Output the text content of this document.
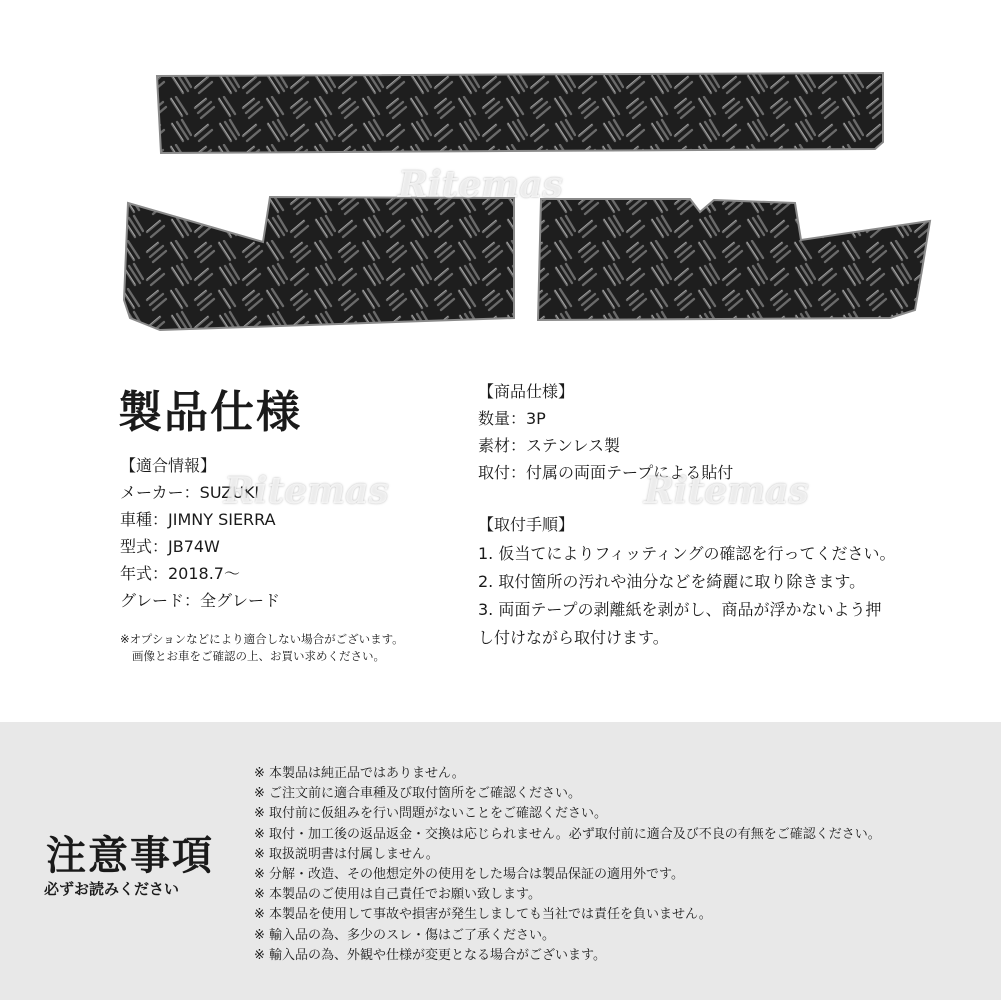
Ritemas
製品仕様
【適合情報】
メーカー：SUZUKI
車種：JIMNY SIERRA
型式：JB74W
年式：2018.7～
グレード：全グレード
Ritemas
※オプションなどにより適合しない場合がございます。
画像とお車をご確認の上、お買い求めください。
【商品仕様】
数量：3P
素材：ステンレス製
取付：付属の両面テープによる貼付
Ritemas
【取付手順】
1. 仮当てによりフィッティングの確認を行ってください。
2. 取付箇所の汚れや油分などを綺麗に取り除きます。
3. 両面テープの剥離紙を剥がし、商品が浮かないよう押
し付けながら取付けます。
注意事項
必ずお読みください
※ 本製品は純正品ではありません。
※ ご注文前に適合車種及び取付箇所をご確認ください。
※ 取付前に仮組みを行い問題がないことをご確認ください。
※ 取付・加工後の返品返金・交換は応じられません。必ず取付前に適合及び不良の有無をご確認ください。
※ 取扱説明書は付属しません。
※ 分解・改造、その他想定外の使用をした場合は製品保証の適用外です。
※ 本製品のご使用は自己責任でお願い致します。
※ 本製品を使用して事故や損害が発生しましても当社では責任を負いません。
※ 輸入品の為、多少のスレ・傷はご了承ください。
※ 輸入品の為、外観や仕様が変更となる場合がございます。
